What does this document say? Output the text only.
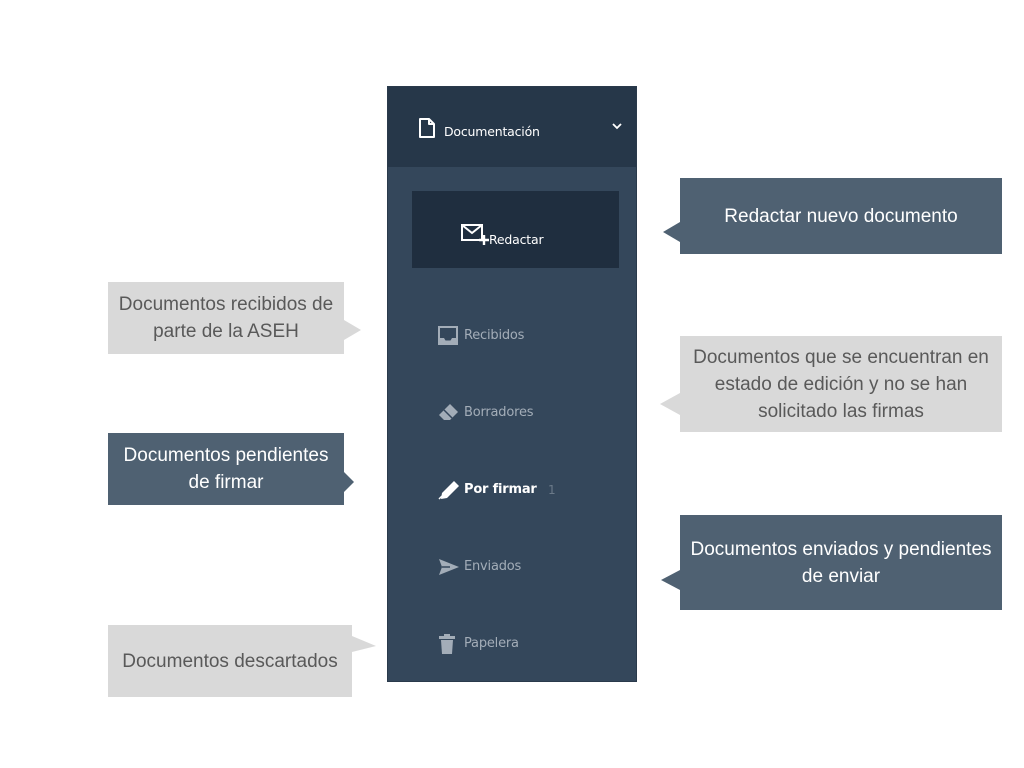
Documentación
Redactar
Recibidos
Borradores
Por firmar 1
Enviados
Papelera
Redactar nuevo documento
Documentos recibidos de parte de la ASEH
Documentos que se encuentran en estado de edición y no se han solicitado las firmas
Documentos pendientes de firmar
Documentos enviados y pendientes de enviar
Documentos descartados
